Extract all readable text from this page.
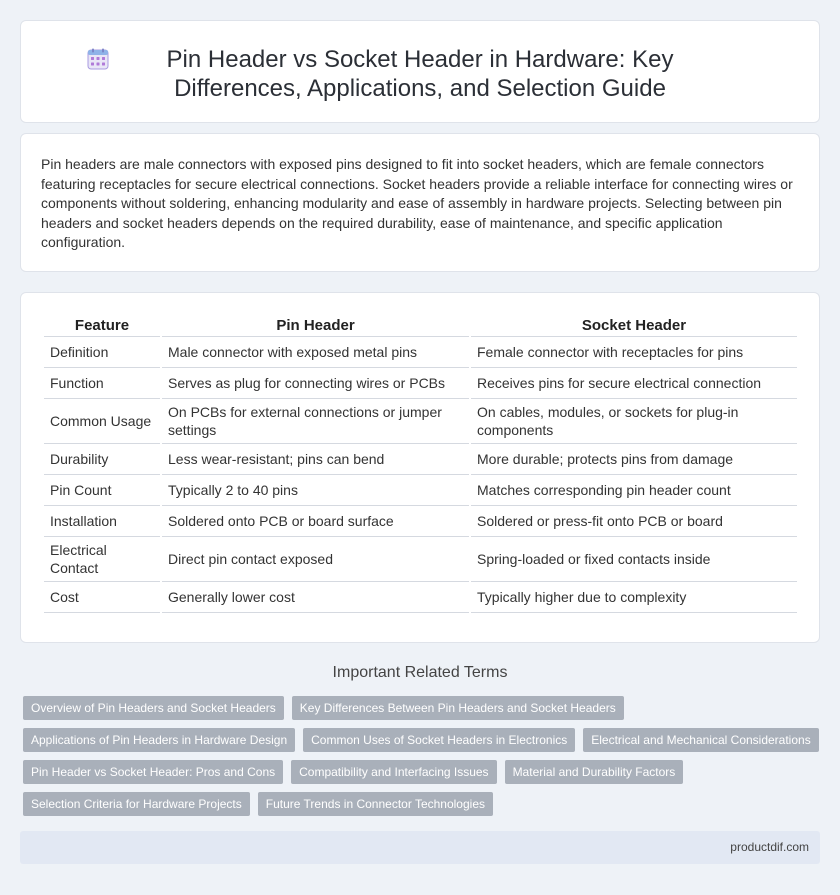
Pin Header vs Socket Header in Hardware: Key Differences, Applications, and Selection Guide

Pin headers are male connectors with exposed pins designed to fit into socket headers, which are female connectors featuring receptacles for secure electrical connections. Socket headers provide a reliable interface for connecting wires or components without soldering, enhancing modularity and ease of assembly in hardware projects. Selecting between pin headers and socket headers depends on the required durability, ease of maintenance, and specific application configuration.

Feature	Pin Header	Socket Header
Definition	Male connector with exposed metal pins	Female connector with receptacles for pins
Function	Serves as plug for connecting wires or PCBs	Receives pins for secure electrical connection
Common Usage	On PCBs for external connections or jumper settings	On cables, modules, or sockets for plug-in components
Durability	Less wear-resistant; pins can bend	More durable; protects pins from damage
Pin Count	Typically 2 to 40 pins	Matches corresponding pin header count
Installation	Soldered onto PCB or board surface	Soldered or press-fit onto PCB or board
Electrical Contact	Direct pin contact exposed	Spring-loaded or fixed contacts inside
Cost	Generally lower cost	Typically higher due to complexity
Important Related Terms
Overview of Pin Headers and Socket Headers	Key Differences Between Pin Headers and Socket Headers
Applications of Pin Headers in Hardware Design	Common Uses of Socket Headers in Electronics	Electrical and Mechanical Considerations
Pin Header vs Socket Header: Pros and Cons	Compatibility and Interfacing Issues	Material and Durability Factors
Selection Criteria for Hardware Projects	Future Trends in Connector Technologies
productdif.com
